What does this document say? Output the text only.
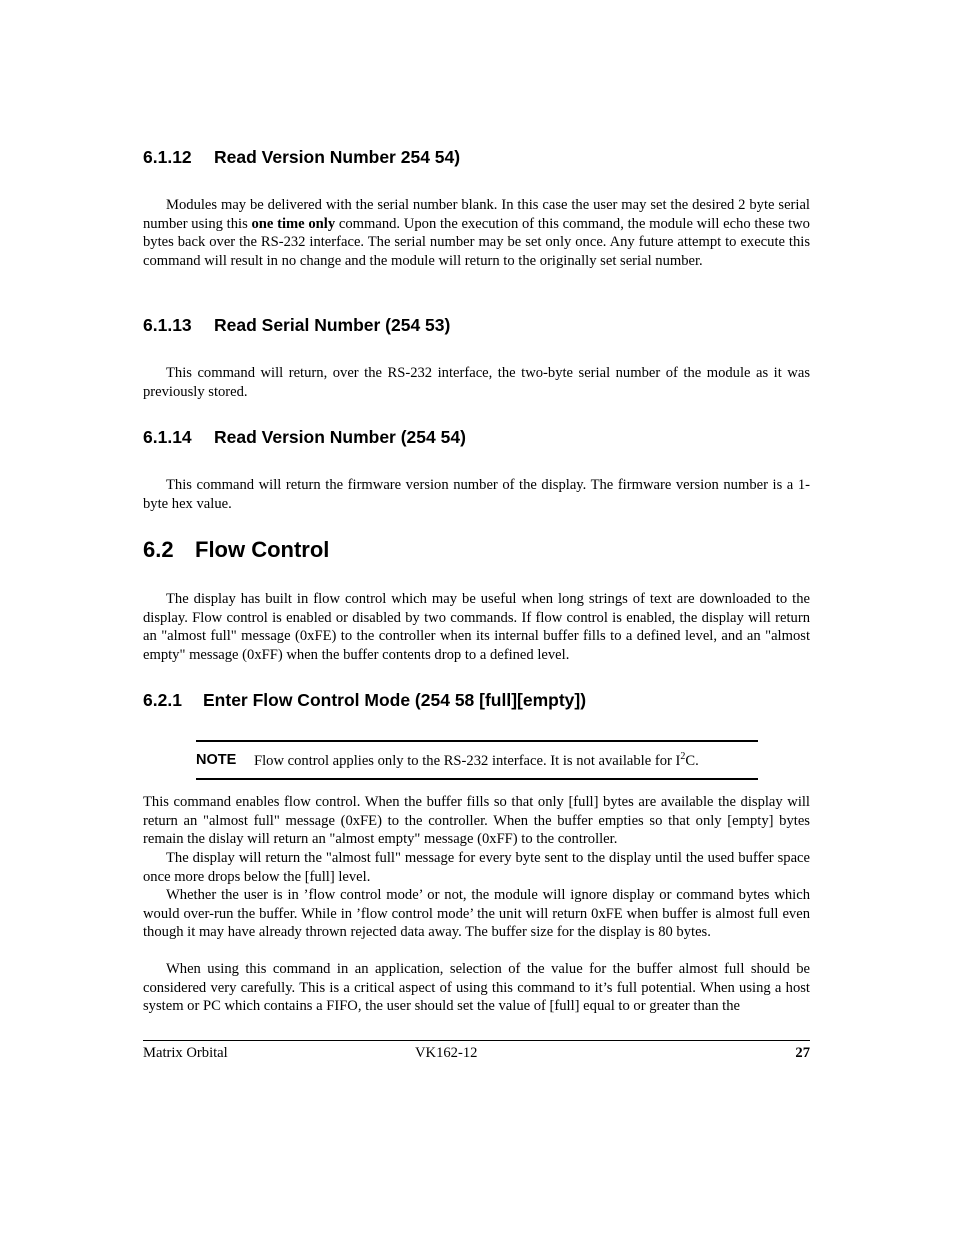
6.1.12 Read Version Number 254 54)

Modules may be delivered with the serial number blank. In this case the user may set the desired 2 byte serial number using this one time only command. Upon the execution of this command, the module will echo these two bytes back over the RS-232 interface. The serial number may be set only once. Any future attempt to execute this command will result in no change and the module will return to the originally set serial number.

6.1.13 Read Serial Number (254 53)

This command will return, over the RS-232 interface, the two-byte serial number of the module as it was previously stored.

6.1.14 Read Version Number (254 54)

This command will return the firmware version number of the display. The firmware version number is a 1-byte hex value.

6.2 Flow Control

The display has built in flow control which may be useful when long strings of text are downloaded to the display. Flow control is enabled or disabled by two commands. If flow control is enabled, the display will return an "almost full" message (0xFE) to the controller when its internal buffer fills to a defined level, and an "almost empty" message (0xFF) when the buffer contents drop to a defined level.

6.2.1 Enter Flow Control Mode (254 58 [full][empty])
NOTE Flow control applies only to the RS-232 interface. It is not available for $I^2C$.

This command enables flow control. When the buffer fills so that only [full] bytes are available the display will return an "almost full" message (0xFE) to the controller. When the buffer empties so that only [empty] bytes remain the dislay will return an "almost empty" message (0xFF) to the controller.

The display will return the "almost full" message for every byte sent to the display until the used buffer space once more drops below the [full] level.

Whether the user is in ’flow control mode’ or not, the module will ignore display or command bytes which would over-run the buffer. While in ’flow control mode’ the unit will return 0xFE when buffer is almost full even though it may have already thrown rejected data away. The buffer size for the display is 80 bytes.

When using this command in an application, selection of the value for the buffer almost full should be considered very carefully. This is a critical aspect of using this command to it’s full potential. When using a host system or PC which contains a FIFO, the user should set the value of [full] equal to or greater than the

Matrix Orbital	VK162-12	27
